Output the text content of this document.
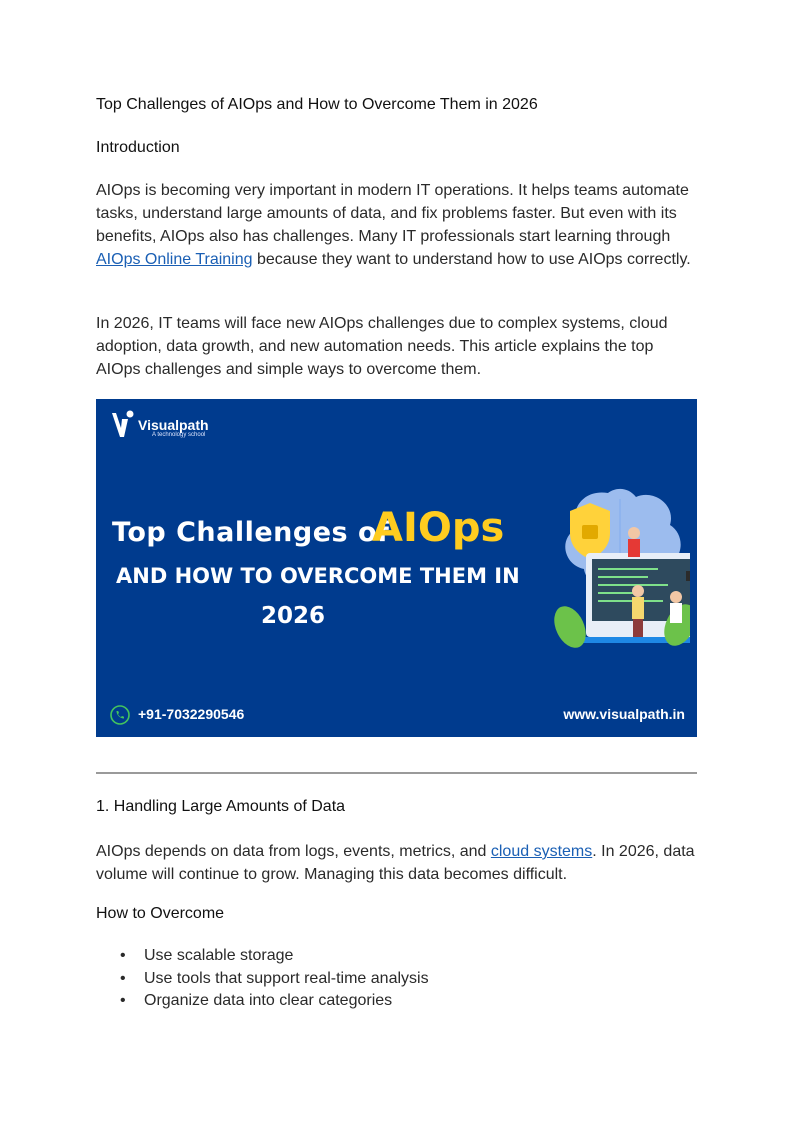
Top Challenges of AIOps and How to Overcome Them in 2026
Introduction

AIOps is becoming very important in modern IT operations. It helps teams automate tasks, understand large amounts of data, and fix problems faster. But even with its benefits, AIOps also has challenges. Many IT professionals start learning through AIOps Online Training because they want to understand how to use AIOps correctly.

In 2026, IT teams will face new AIOps challenges due to complex systems, cloud adoption, data growth, and new automation needs. This article explains the top AIOps challenges and simple ways to overcome them.

Visualpath
A technology school
Top Challenges of
AIOps
AND HOW TO OVERCOME THEM IN
2026
+91-7032290546	www.visualpath.in
1. Handling Large Amounts of Data

AIOps depends on data from logs, events, metrics, and cloud systems. In 2026, data volume will continue to grow. Managing this data becomes difficult.

How to Overcome
• Use scalable storage
• Use tools that support real-time analysis
• Organize data into clear categories
